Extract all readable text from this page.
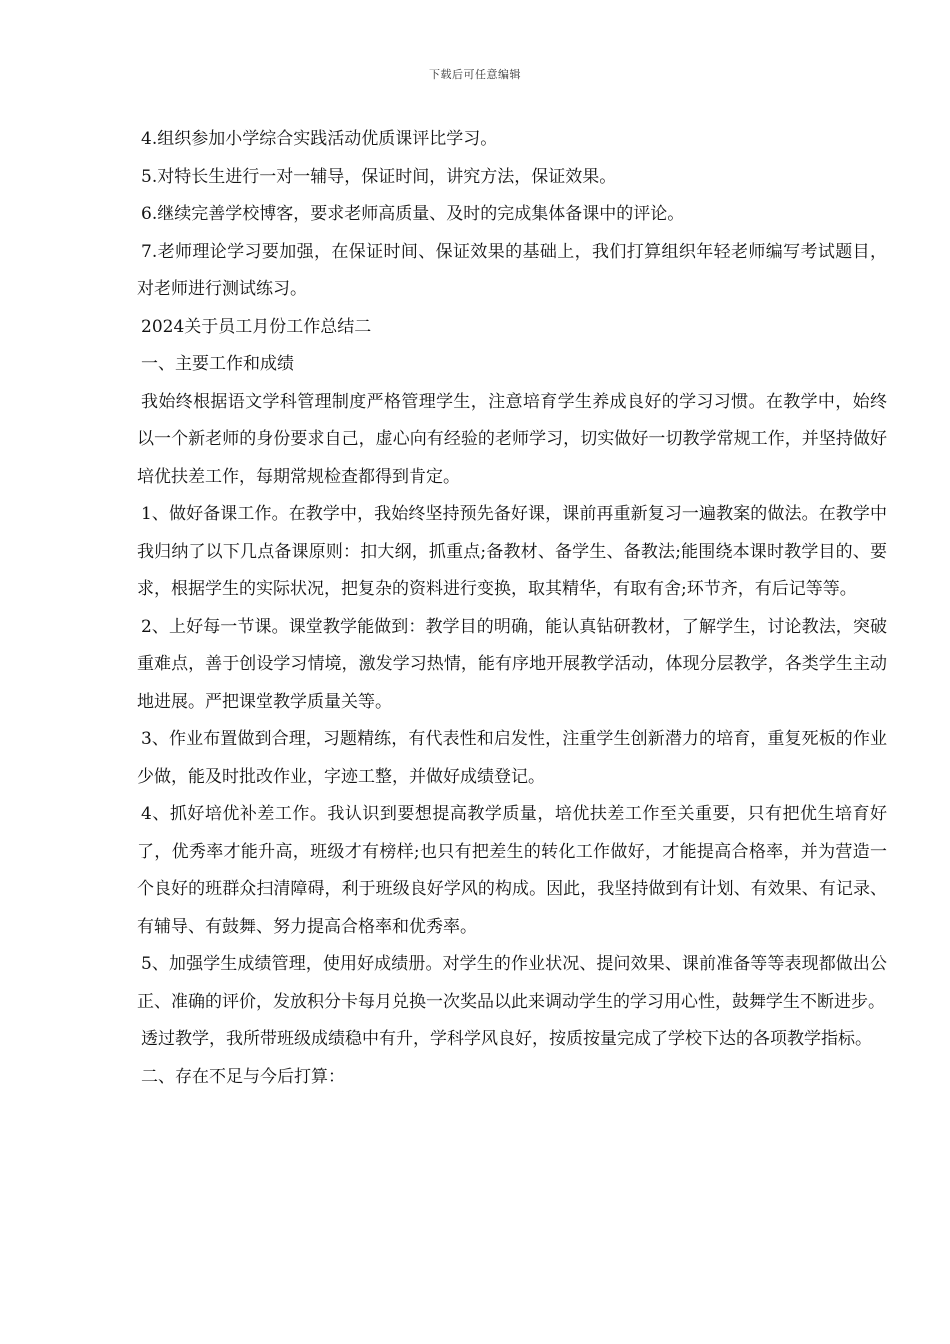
下载后可任意编辑

4.组织参加小学综合实践活动优质课评比学习。

5.对特长生进行一对一辅导，保证时间，讲究方法，保证效果。

6.继续完善学校博客，要求老师高质量、及时的完成集体备课中的评论。

7.老师理论学习要加强，在保证时间、保证效果的基础上，我们打算组织年轻老师编写考试题目，对老师进行测试练习。

2024关于员工月份工作总结二

一、主要工作和成绩

我始终根据语文学科管理制度严格管理学生，注意培育学生养成良好的学习习惯。在教学中，始终以一个新老师的身份要求自己，虚心向有经验的老师学习，切实做好一切教学常规工作，并坚持做好培优扶差工作，每期常规检查都得到肯定。

1、做好备课工作。在教学中，我始终坚持预先备好课，课前再重新复习一遍教案的做法。在教学中我归纳了以下几点备课原则：扣大纲，抓重点;备教材、备学生、备教法;能围绕本课时教学目的、要求，根据学生的实际状况，把复杂的资料进行变换，取其精华，有取有舍;环节齐，有后记等等。

2、上好每一节课。课堂教学能做到：教学目的明确，能认真钻研教材，了解学生，讨论教法，突破重难点，善于创设学习情境，激发学习热情，能有序地开展教学活动，体现分层教学，各类学生主动地进展。严把课堂教学质量关等。

3、作业布置做到合理，习题精练，有代表性和启发性，注重学生创新潜力的培育，重复死板的作业少做，能及时批改作业，字迹工整，并做好成绩登记。

4、抓好培优补差工作。我认识到要想提高教学质量，培优扶差工作至关重要，只有把优生培育好了，优秀率才能升高，班级才有榜样;也只有把差生的转化工作做好，才能提高合格率，并为营造一个良好的班群众扫清障碍，利于班级良好学风的构成。因此，我坚持做到有计划、有效果、有记录、有辅导、有鼓舞、努力提高合格率和优秀率。

5、加强学生成绩管理，使用好成绩册。对学生的作业状况、提问效果、课前准备等等表现都做出公正、准确的评价，发放积分卡每月兑换一次奖品以此来调动学生的学习用心性，鼓舞学生不断进步。

透过教学，我所带班级成绩稳中有升，学科学风良好，按质按量完成了学校下达的各项教学指标。

二、存在不足与今后打算：
